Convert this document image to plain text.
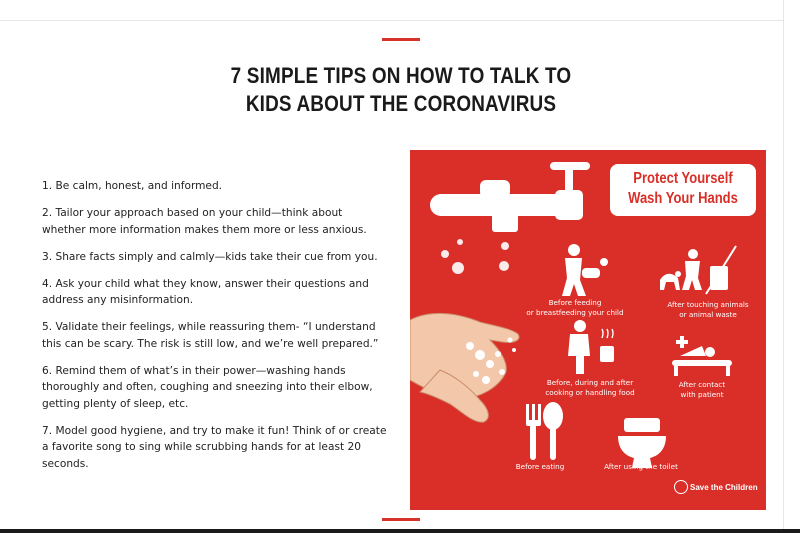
7 SIMPLE TIPS ON HOW TO TALK TO
KIDS ABOUT THE CORONAVIRUS

1. Be calm, honest, and informed.

2. Tailor your approach based on your child—think about whether more information makes them more or less anxious.

3. Share facts simply and calmly—kids take their cue from you.

4. Ask your child what they know, answer their questions and address any misinformation.

5. Validate their feelings, while reassuring them- “I understand this can be scary. The risk is still low, and we’re well prepared.”

6. Remind them of what’s in their power—washing hands thoroughly and often, coughing and sneezing into their elbow, getting plenty of sleep, etc.

7. Model good hygiene, and try to make it fun! Think of or create a favorite song to sing while scrubbing hands for at least 20 seconds.

Protect Yourself
Wash Your Hands
Before feeding
or breastfeeding your child
After touching animals
or animal waste
Before, during and after
cooking or handling food
After contact
with patient
Before eating	After using the toilet
Save the Children
